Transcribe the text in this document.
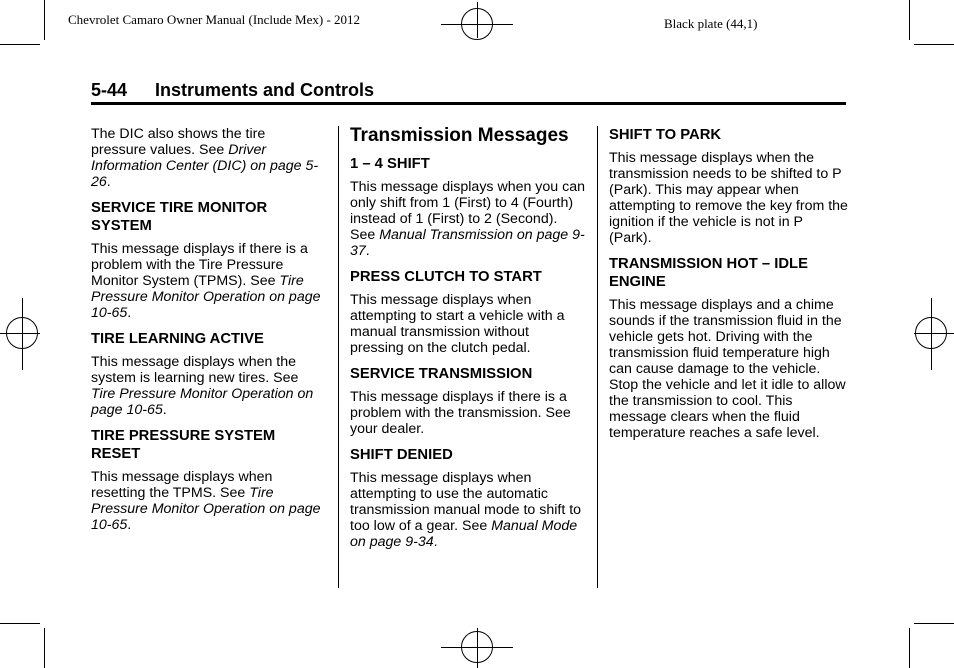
Chevrolet Camaro Owner Manual (Include Mex) - 2012	Black plate (44,1)
5-44 Instruments and Controls

The DIC also shows the tire pressure values. See Driver Information Center (DIC) on page 5-26.

SERVICE TIRE MONITOR SYSTEM

This message displays if there is a problem with the Tire Pressure Monitor System (TPMS). See Tire Pressure Monitor Operation on page 10-65.

TIRE LEARNING ACTIVE

This message displays when the system is learning new tires. See Tire Pressure Monitor Operation on page 10-65.

TIRE PRESSURE SYSTEM RESET

This message displays when resetting the TPMS. See Tire Pressure Monitor Operation on page 10-65.

Transmission Messages
1 – 4 SHIFT

This message displays when you can only shift from 1 (First) to 4 (Fourth) instead of 1 (First) to 2 (Second). See Manual Transmission on page 9-37.

PRESS CLUTCH TO START

This message displays when attempting to start a vehicle with a manual transmission without pressing on the clutch pedal.

SERVICE TRANSMISSION

This message displays if there is a problem with the transmission. See your dealer.

SHIFT DENIED

This message displays when attempting to use the automatic transmission manual mode to shift to too low of a gear. See Manual Mode on page 9-34.

SHIFT TO PARK

This message displays when the transmission needs to be shifted to P (Park). This may appear when attempting to remove the key from the ignition if the vehicle is not in P (Park).

TRANSMISSION HOT – IDLE ENGINE

This message displays and a chime sounds if the transmission fluid in the vehicle gets hot. Driving with the transmission fluid temperature high can cause damage to the vehicle. Stop the vehicle and let it idle to allow the transmission to cool. This message clears when the fluid temperature reaches a safe level.
